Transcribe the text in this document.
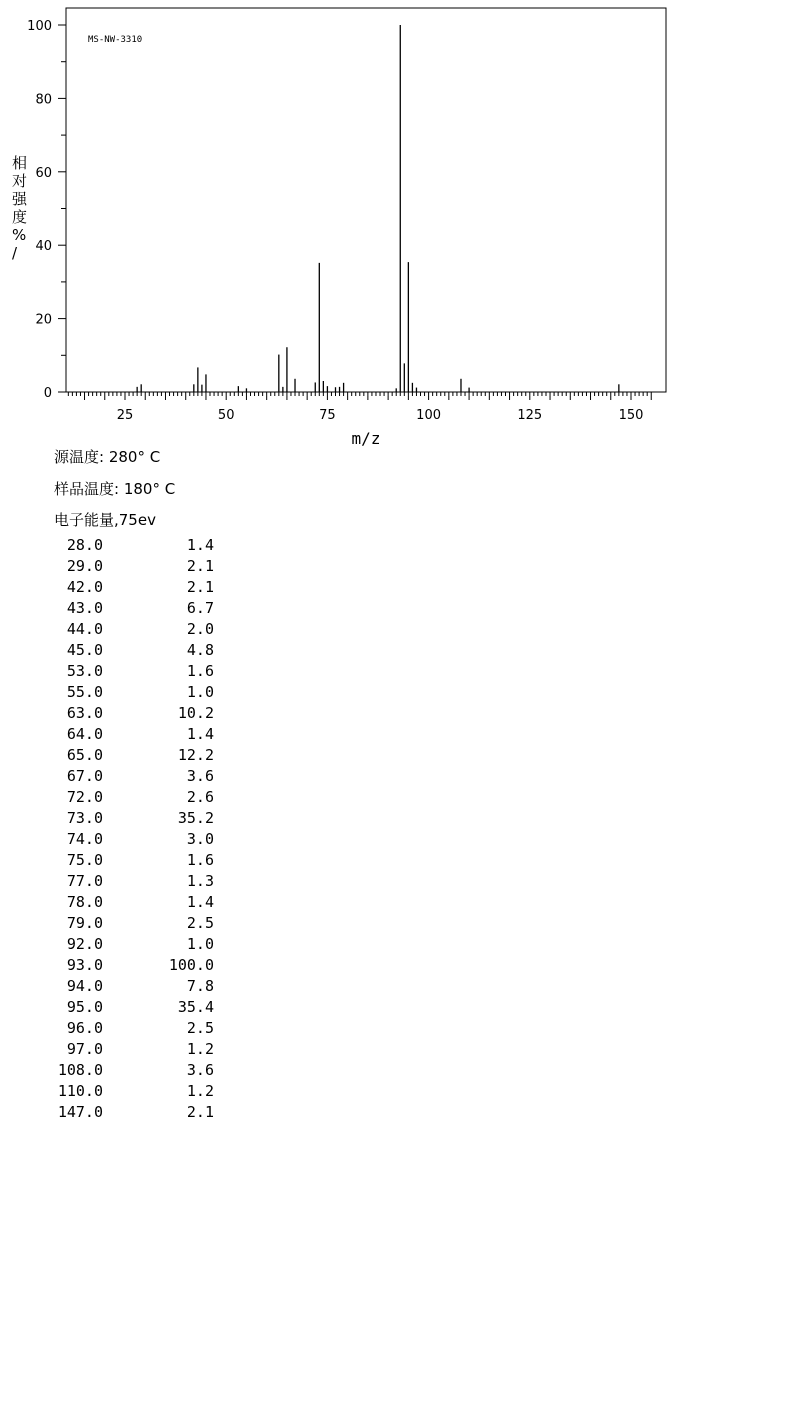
0
20
40
60
80
100
25	50	75	100	125	150
MS-NW-3310
m/z
相对强度% /
源温度: 280° C
样品温度: 180° C
电子能量,75ev
28.0	1.4
29.0	2.1
42.0	2.1
43.0	6.7
44.0	2.0
45.0	4.8
53.0	1.6
55.0	1.0
63.0	10.2
64.0	1.4
65.0	12.2
67.0	3.6
72.0	2.6
73.0	35.2
74.0	3.0
75.0	1.6
77.0	1.3
78.0	1.4
79.0	2.5
92.0	1.0
93.0	100.0
94.0	7.8
95.0	35.4
96.0	2.5
97.0	1.2
108.0	3.6
110.0	1.2
147.0	2.1
